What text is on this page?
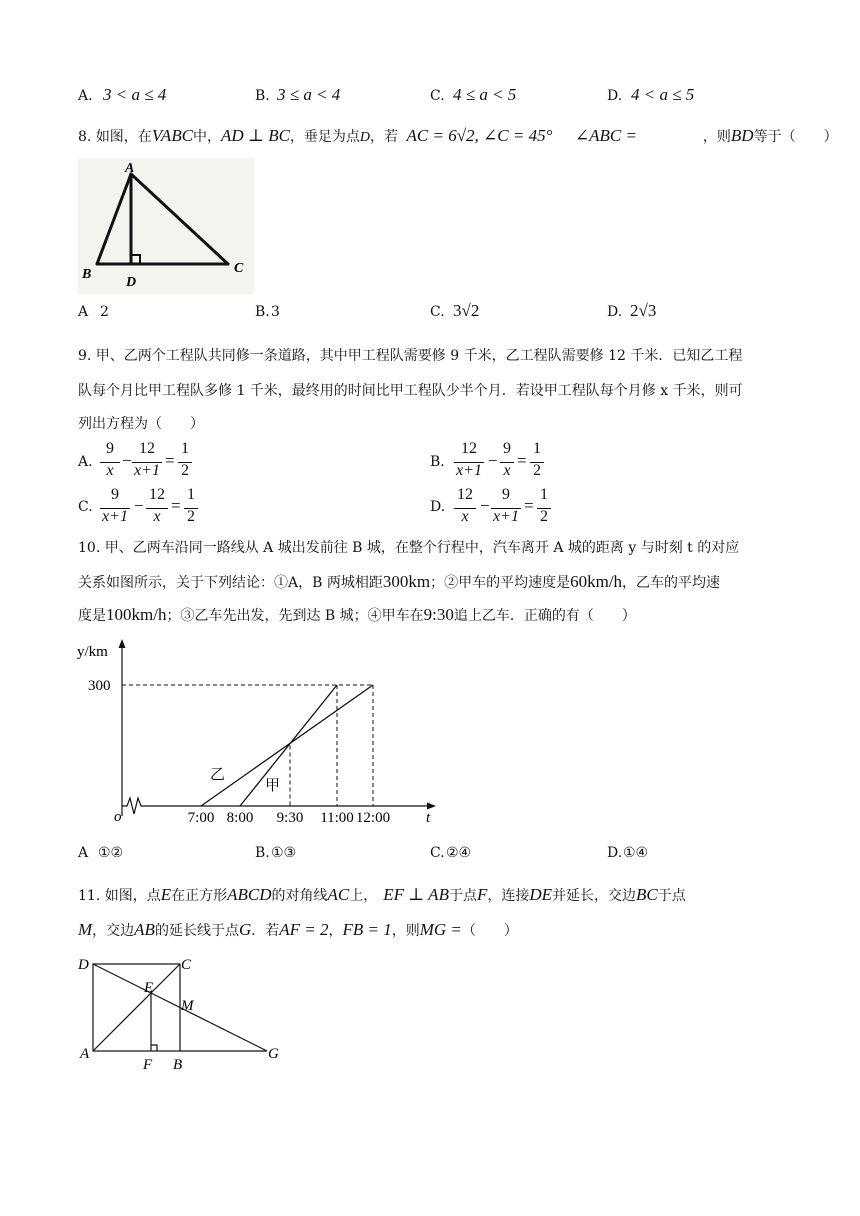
A. 3 < a ≤ 4	B. 3 ≤ a < 4	C. 4 ≤ a < 5	D. 4 < a ≤ 5
8. 如图，在VABC中，AD ⊥ BC，垂足为点D，若 AC = 6√2, ∠C = 45° ∠ABC =	，则BD等于（　　）
A
B
D
C
A 2	B. 3	C. 3√2	D. 2√3
9. 甲、乙两个工程队共同修一条道路，其中甲工程队需要修 9 千米，乙工程队需要修 12 千米．已知乙工程
队每个月比甲工程队多修 1 千米，最终用的时间比甲工程队少半个月．若设甲工程队每个月修 x 千米，则可
列出方程为（　　）
A.
9
x
−
12
x+1
=
1
2	B.
12
x+1
−
9
x
=
1
2
C.
9
x+1
−
12
x
=
1
2
D.
12
x
−
9
x+1
=
1
2
10. 甲、乙两车沿同一路线从 A 城出发前往 B 城，在整个行程中，汽车离开 A 城的距离 y 与时刻 t 的对应
关系如图所示，关于下列结论：①A，B 两城相距300km；②甲车的平均速度是60km/h，乙车的平均速
度是100km/h；③乙车先出发，先到达 B 城；④甲车在9:30追上乙车．正确的有（　　）
300
乙
甲
7:00 8:00 9:30 11:00 12:00
y/km
o	t
A ①②	B. ①③	C. ②④	D. ①④
11. 如图，点E在正方形ABCD的对角线AC上， EF ⊥ AB于点F，连接DE并延长，交边BC于点
M，交边AB的延长线于点G．若AF = 2，FB = 1，则MG =（　　）
D	C
E
M
A
F B
G
